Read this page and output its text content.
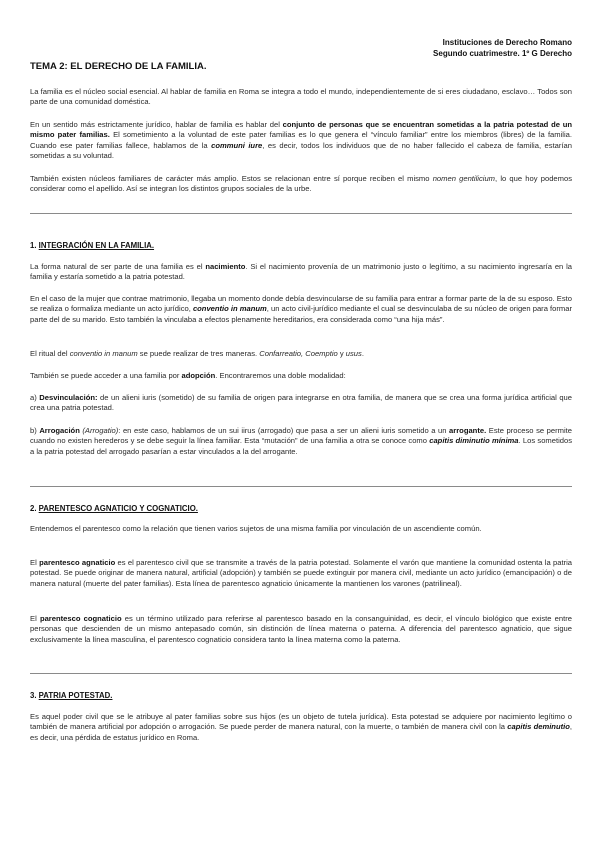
Instituciones de Derecho Romano
Segundo cuatrimestre. 1º G Derecho
TEMA 2: EL DERECHO DE LA FAMILIA.

La familia es el núcleo social esencial. Al hablar de familia en Roma se integra a todo el mundo, independientemente de si eres ciudadano, esclavo… Todos son parte de una comunidad doméstica.

En un sentido más estrictamente jurídico, hablar de familia es hablar del conjunto de personas que se encuentran sometidas a la patria potestad de un mismo pater familias. El sometimiento a la voluntad de este pater familias es lo que genera el “vínculo familiar” entre los miembros (libres) de la familia. Cuando ese pater familias fallece, hablamos de la communi iure, es decir, todos los individuos que de no haber fallecido el cabeza de familia, estarían sometidas a su voluntad.

También existen núcleos familiares de carácter más amplio. Estos se relacionan entre sí porque reciben el mismo nomen gentilicium, lo que hoy podemos considerar como el apellido. Así se integran los distintos grupos sociales de la urbe.

1. INTEGRACIÓN EN LA FAMILIA.

La forma natural de ser parte de una familia es el nacimiento. Si el nacimiento provenía de un matrimonio justo o legítimo, a su nacimiento ingresaría en la familia y estaría sometido a la patria potestad.

En el caso de la mujer que contrae matrimonio, llegaba un momento donde debía desvincularse de su familia para entrar a formar parte de la de su esposo. Esto se realiza o formaliza mediante un acto jurídico, conventio in manum, un acto civil-jurídico mediante el cual se desvinculaba de su núcleo de origen para formar parte del de su marido. Esto también la vinculaba a efectos plenamente hereditarios, era considerada como “una hija más”.

El ritual del conventio in manum se puede realizar de tres maneras. Confarreatio, Coemptio y usus.

También se puede acceder a una familia por adopción. Encontraremos una doble modalidad:

a) Desvinculación: de un alieni iuris (sometido) de su familia de origen para integrarse en otra familia, de manera que se crea una forma jurídica artificial que crea una patria potestad.

b) Arrogación (Arrogatio): en este caso, hablamos de un sui iirus (arrogado) que pasa a ser un alieni iuris sometido a un arrogante. Este proceso se permite cuando no existen herederos y se debe seguir la línea familiar. Esta “mutación” de una familia a otra se conoce como capitis diminutio mínima. Los sometidos a la patria potestad del arrogado pasarían a estar vinculados a la del arrogante.

2. PARENTESCO AGNATICIO Y COGNATICIO.

Entendemos el parentesco como la relación que tienen varios sujetos de una misma familia por vinculación de un ascendiente común.

El parentesco agnaticio es el parentesco civil que se transmite a través de la patria potestad. Solamente el varón que mantiene la comunidad ostenta la patria potestad. Se puede originar de manera natural, artificial (adopción) y también se puede extinguir por manera civil, mediante un acto jurídico (emancipación) o de manera natural (muerte del pater familias). Esta línea de parentesco agnaticio únicamente la mantienen los varones (patrilineal).

El parentesco cognaticio es un término utilizado para referirse al parentesco basado en la consanguinidad, es decir, el vínculo biológico que existe entre personas que descienden de un mismo antepasado común, sin distinción de línea materna o paterna. A diferencia del parentesco agnaticio, que sigue exclusivamente la línea masculina, el parentesco cognaticio considera tanto la línea materna como la paterna.

3. PATRIA POTESTAD.

Es aquel poder civil que se le atribuye al pater familias sobre sus hijos (es un objeto de tutela jurídica). Esta potestad se adquiere por nacimiento legítimo o también de manera artificial por adopción o arrogación. Se puede perder de manera natural, con la muerte, o también de manera civil con la capitis deminutio, es decir, una pérdida de estatus jurídico en Roma.
